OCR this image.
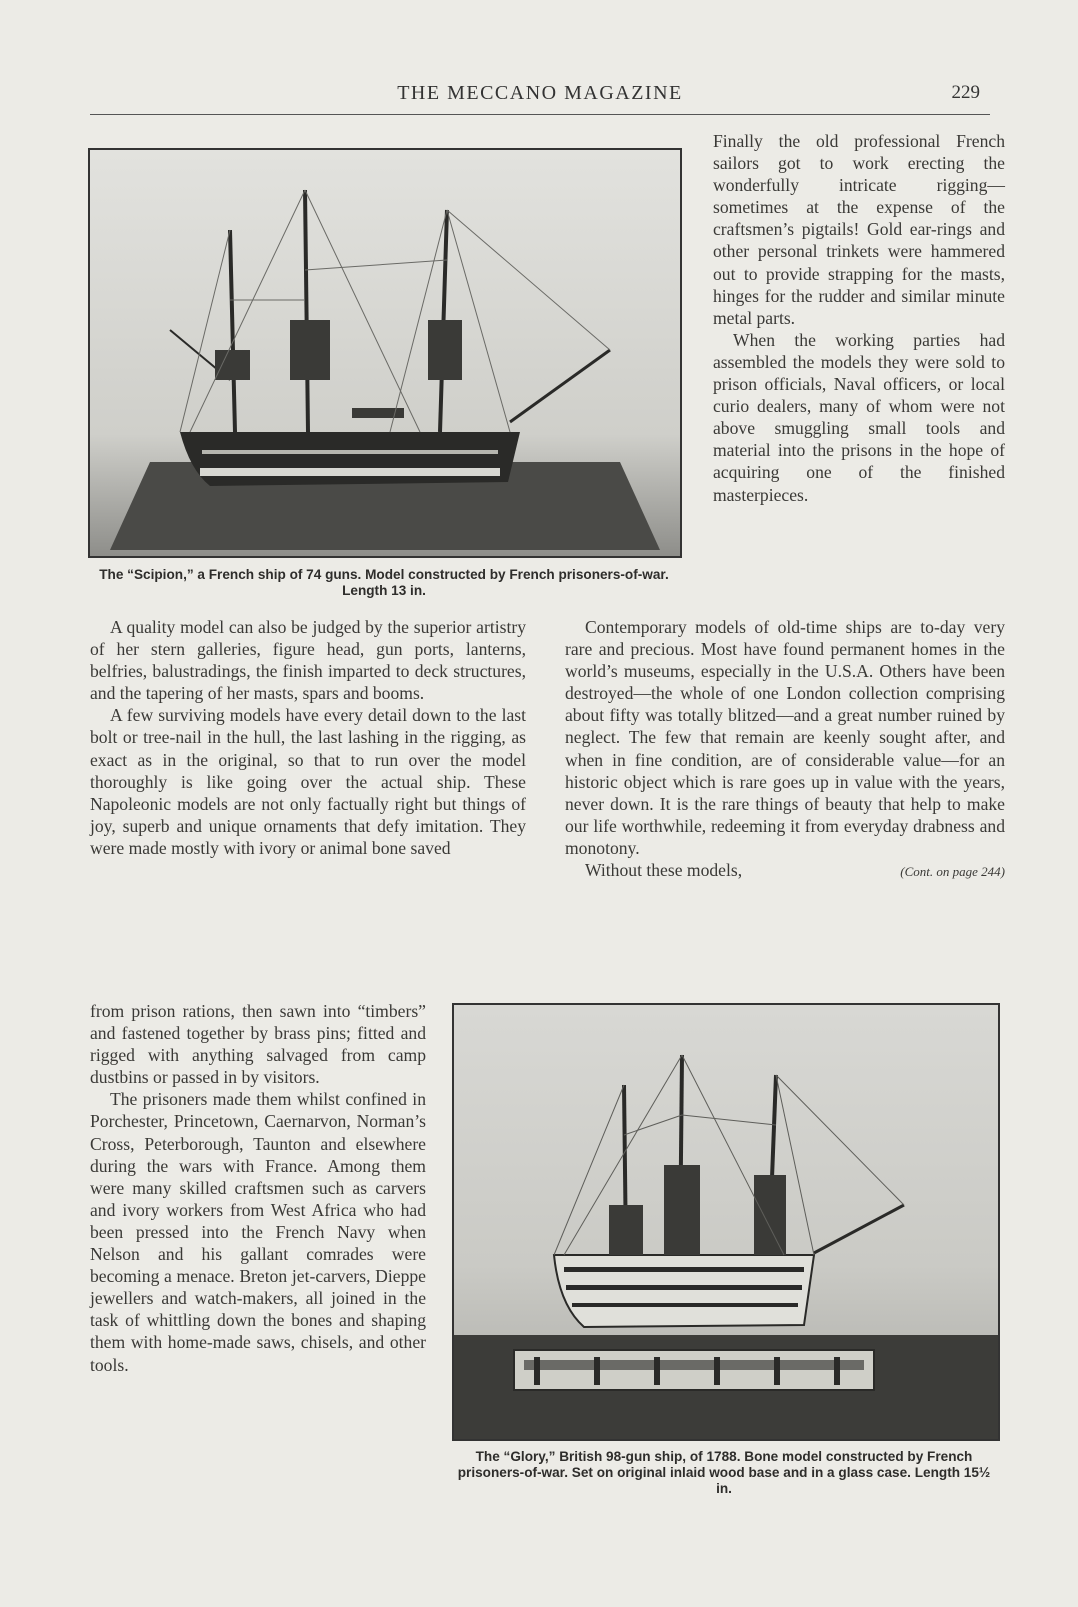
THE MECCANO MAGAZINE	229
The “Scipion,” a French ship of 74 guns. Model constructed by French prisoners-of-war. Length 13 in.

Finally the old professional French sailors got to work erecting the wonderfully intricate rigging—sometimes at the expense of the craftsmen’s pigtails! Gold ear-rings and other personal trinkets were hammered out to provide strapping for the masts, hinges for the rudder and similar minute metal parts.

When the working parties had assembled the models they were sold to prison officials, Naval officers, or local curio dealers, many of whom were not above smuggling small tools and material into the prisons in the hope of acquiring one of the finished masterpieces.

A quality model can also be judged by the superior artistry of her stern galleries, figure head, gun ports, lanterns, belfries, balustradings, the finish imparted to deck structures, and the tapering of her masts, spars and booms.

A few surviving models have every detail down to the last bolt or tree-nail in the hull, the last lashing in the rigging, as exact as in the original, so that to run over the model thoroughly is like going over the actual ship. These Napoleonic models are not only factually right but things of joy, superb and unique ornaments that defy imitation. They were made mostly with ivory or animal bone saved

Contemporary models of old-time ships are to-day very rare and precious. Most have found permanent homes in the world’s museums, especially in the U.S.A. Others have been destroyed—the whole of one London collection comprising about fifty was totally blitzed—and a great number ruined by neglect. The few that remain are keenly sought after, and when in fine condition, are of considerable value—for an historic object which is rare goes up in value with the years, never down. It is the rare things of beauty that help to make our life worthwhile, redeeming it from everyday drabness and monotony.

Without these models,	(Cont. on page 244)

from prison rations, then sawn into “timbers” and fastened together by brass pins; fitted and rigged with anything salvaged from camp dustbins or passed in by visitors.

The prisoners made them whilst confined in Porchester, Princetown, Caernarvon, Norman’s Cross, Peterborough, Taunton and elsewhere during the wars with France. Among them were many skilled craftsmen such as carvers and ivory workers from West Africa who had been pressed into the French Navy when Nelson and his gallant comrades were becoming a menace. Breton jet-carvers, Dieppe jewellers and watch-makers, all joined in the task of whittling down the bones and shaping them with home-made saws, chisels, and other tools.

The “Glory,” British 98-gun ship, of 1788. Bone model constructed by French prisoners-of-war. Set on original inlaid wood base and in a glass case. Length 15½ in.
